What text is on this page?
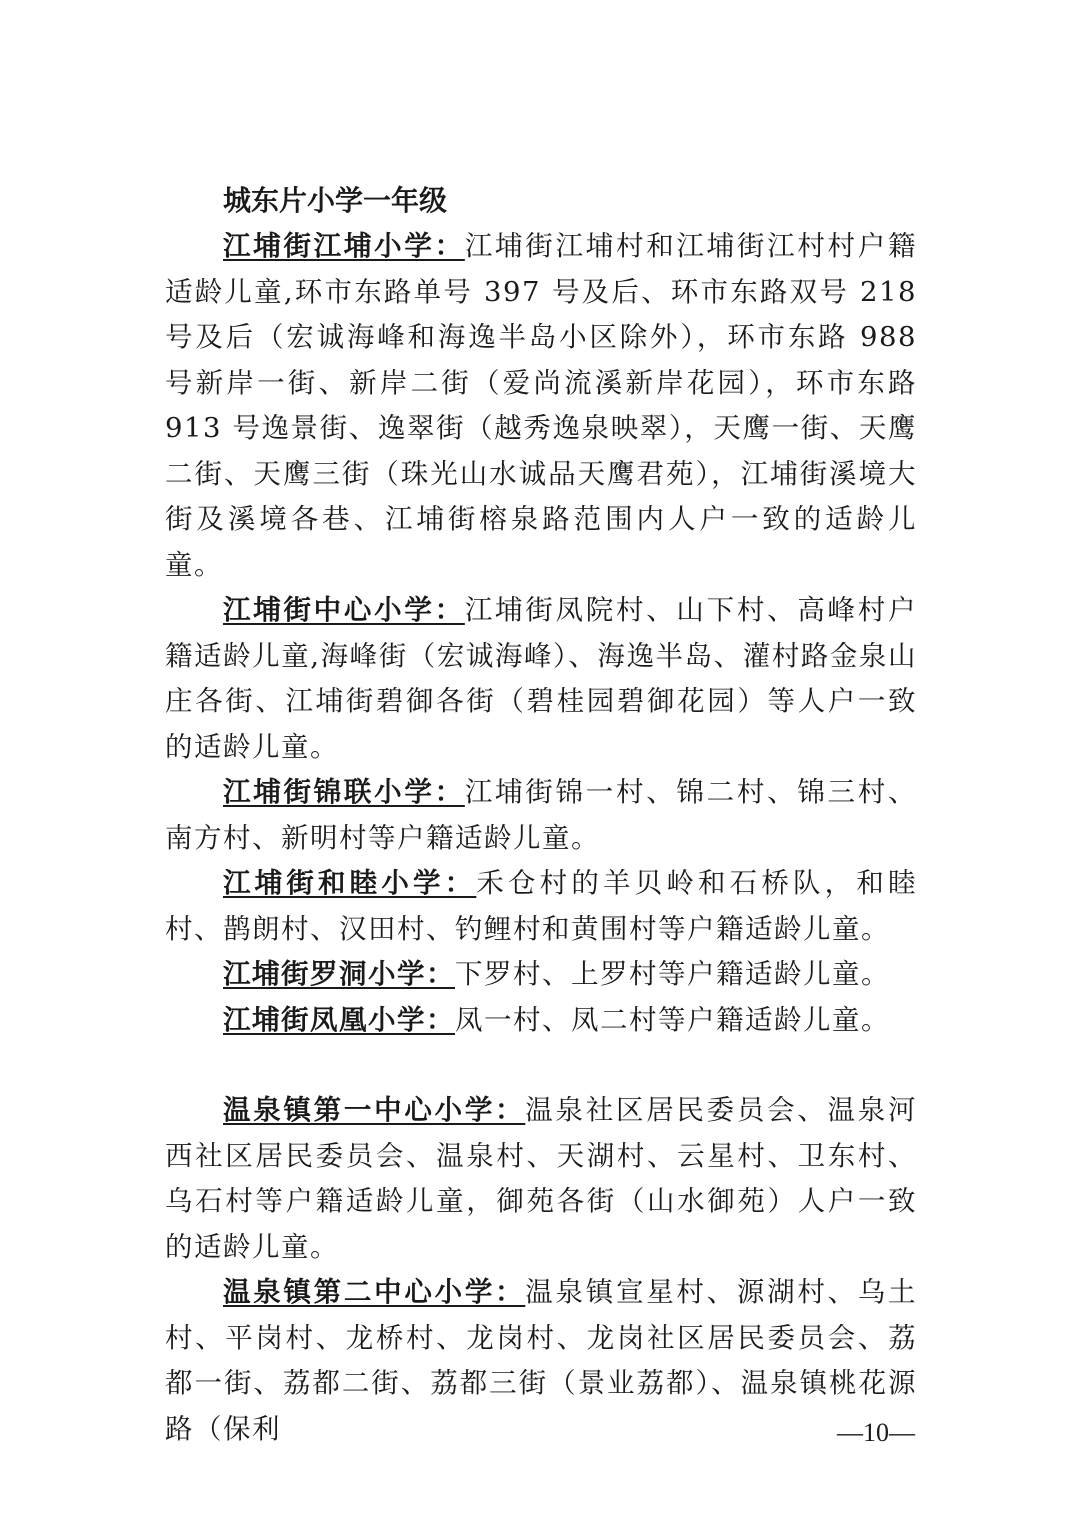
城东片小学一年级

江埔街江埔小学：江埔街江埔村和江埔街江村村户籍适龄儿童,环市东路单号 397 号及后、环市东路双号 218 号及后（宏诚海峰和海逸半岛小区除外），环市东路 988 号新岸一街、新岸二街（爱尚流溪新岸花园），环市东路 913 号逸景街、逸翠街（越秀逸泉映翠），天鹰一街、天鹰二街、天鹰三街（珠光山水诚品天鹰君苑），江埔街溪境大街及溪境各巷、江埔街榕泉路范围内人户一致的适龄儿童。

江埔街中心小学：江埔街凤院村、山下村、高峰村户籍适龄儿童,海峰街（宏诚海峰）、海逸半岛、灌村路金泉山庄各街、江埔街碧御各街（碧桂园碧御花园）等人户一致的适龄儿童。

江埔街锦联小学：江埔街锦一村、锦二村、锦三村、南方村、新明村等户籍适龄儿童。

江埔街和睦小学：禾仓村的羊贝岭和石桥队，和睦村、鹊朗村、汉田村、钓鲤村和黄围村等户籍适龄儿童。

江埔街罗洞小学：下罗村、上罗村等户籍适龄儿童。

江埔街凤凰小学：凤一村、凤二村等户籍适龄儿童。

温泉镇第一中心小学：温泉社区居民委员会、温泉河西社区居民委员会、温泉村、天湖村、云星村、卫东村、乌石村等户籍适龄儿童，御苑各街（山水御苑）人户一致的适龄儿童。

温泉镇第二中心小学：温泉镇宣星村、源湖村、乌土村、平岗村、龙桥村、龙岗村、龙岗社区居民委员会、荔都一街、荔都二街、荔都三街（景业荔都）、温泉镇桃花源路（保利	—10—
